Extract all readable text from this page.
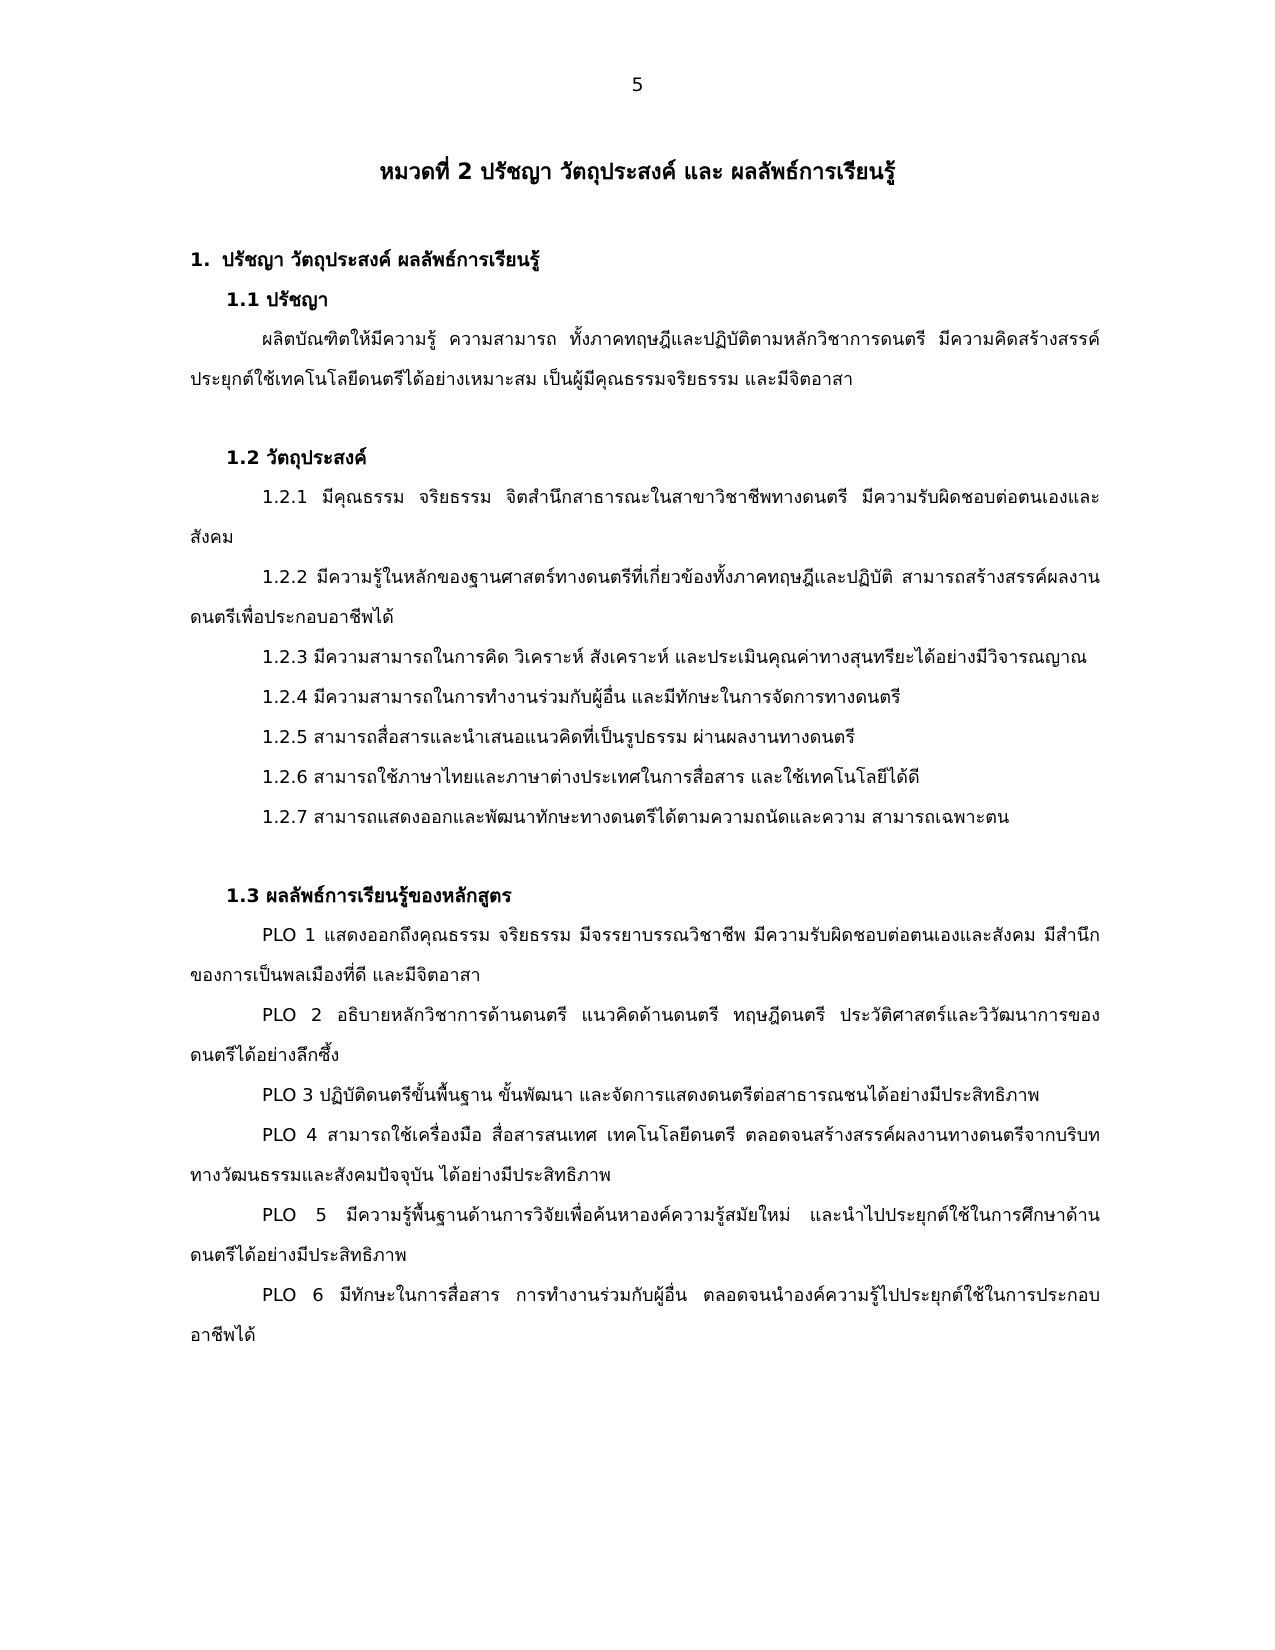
5
หมวดที่ 2 ปรัชญา วัตถุประสงค์ และ ผลลัพธ์การเรียนรู้

1. ปรัชญา วัตถุประสงค์ ผลลัพธ์การเรียนรู้

1.1 ปรัชญา

ผลิตบัณฑิตให้มีความรู้ ความสามารถ ทั้งภาคทฤษฎีและปฏิบัติตามหลักวิชาการดนตรี มีความคิดสร้างสรรค์ ประยุกต์ใช้เทคโนโลยีดนตรีได้อย่างเหมาะสม เป็นผู้มีคุณธรรมจริยธรรม และมีจิตอาสา

1.2 วัตถุประสงค์

1.2.1 มีคุณธรรม จริยธรรม จิตสำนึกสาธารณะในสาขาวิชาชีพทางดนตรี มีความรับผิดชอบต่อตนเองและสังคม

1.2.2 มีความรู้ในหลักของฐานศาสตร์ทางดนตรีที่เกี่ยวข้องทั้งภาคทฤษฎีและปฏิบัติ สามารถสร้างสรรค์ผลงานดนตรีเพื่อประกอบอาชีพได้

1.2.3 มีความสามารถในการคิด วิเคราะห์ สังเคราะห์ และประเมินคุณค่าทางสุนทรียะได้อย่างมีวิจารณญาณ

1.2.4 มีความสามารถในการทำงานร่วมกับผู้อื่น และมีทักษะในการจัดการทางดนตรี

1.2.5 สามารถสื่อสารและนำเสนอแนวคิดที่เป็นรูปธรรม ผ่านผลงานทางดนตรี

1.2.6 สามารถใช้ภาษาไทยและภาษาต่างประเทศในการสื่อสาร และใช้เทคโนโลยีได้ดี

1.2.7 สามารถแสดงออกและพัฒนาทักษะทางดนตรีได้ตามความถนัดและความ สามารถเฉพาะตน

1.3 ผลลัพธ์การเรียนรู้ของหลักสูตร

PLO 1 แสดงออกถึงคุณธรรม จริยธรรม มีจรรยาบรรณวิชาชีพ มีความรับผิดชอบต่อตนเองและสังคม มีสำนึกของการเป็นพลเมืองที่ดี และมีจิตอาสา

PLO 2 อธิบายหลักวิชาการด้านดนตรี แนวคิดด้านดนตรี ทฤษฎีดนตรี ประวัติศาสตร์และวิวัฒนาการของดนตรีได้อย่างลึกซึ้ง

PLO 3 ปฏิบัติดนตรีขั้นพื้นฐาน ขั้นพัฒนา และจัดการแสดงดนตรีต่อสาธารณชนได้อย่างมีประสิทธิภาพ

PLO 4 สามารถใช้เครื่องมือ สื่อสารสนเทศ เทคโนโลยีดนตรี ตลอดจนสร้างสรรค์ผลงานทางดนตรีจากบริบททางวัฒนธรรมและสังคมปัจจุบัน ได้อย่างมีประสิทธิภาพ

PLO 5 มีความรู้พื้นฐานด้านการวิจัยเพื่อค้นหาองค์ความรู้สมัยใหม่ และนำไปประยุกต์ใช้ในการศึกษาด้านดนตรีได้อย่างมีประสิทธิภาพ

PLO 6 มีทักษะในการสื่อสาร การทำงานร่วมกับผู้อื่น ตลอดจนนำองค์ความรู้ไปประยุกต์ใช้ในการประกอบอาชีพได้
